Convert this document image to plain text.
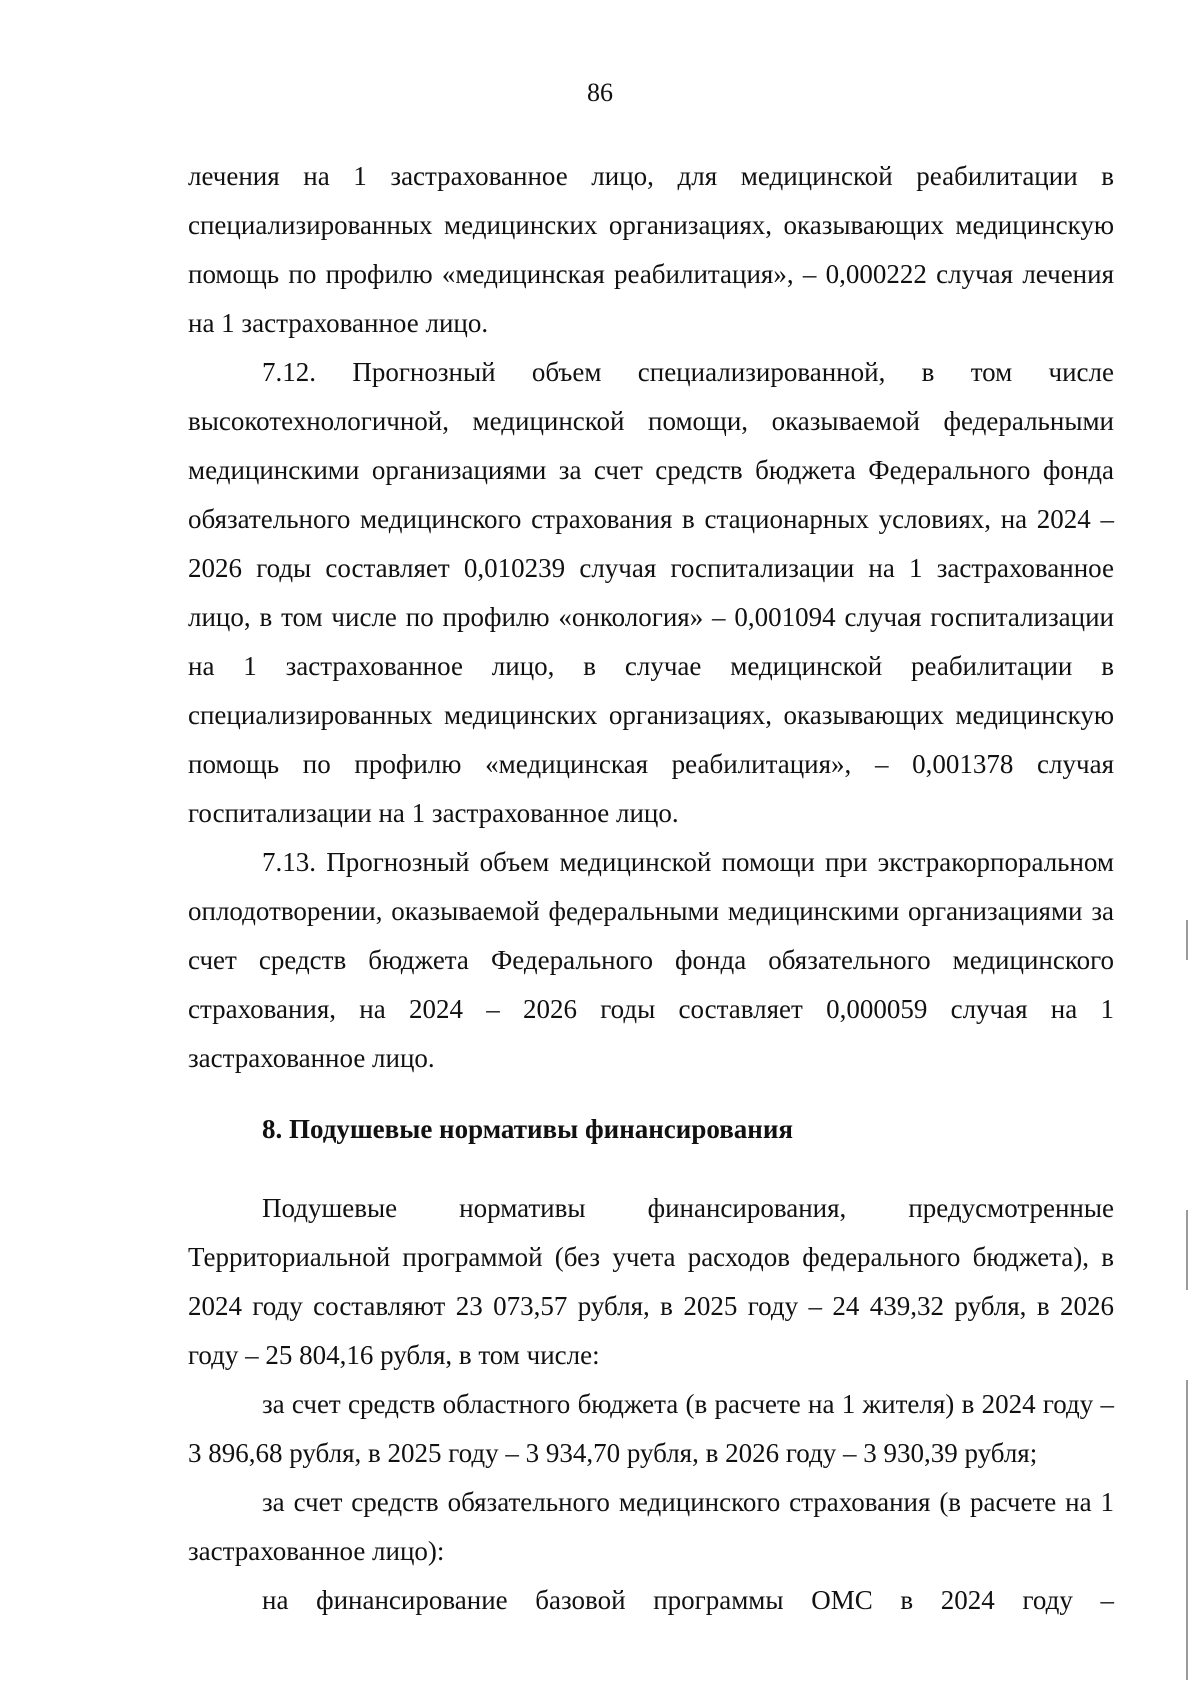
86

лечения на 1 застрахованное лицо, для медицинской реабилитации в специализированных медицинских организациях, оказывающих медицинскую помощь по профилю «медицинская реабилитация», – 0,000222 случая лечения на 1 застрахованное лицо.

7.12. Прогнозный объем специализированной, в том числе высокотехнологичной, медицинской помощи, оказываемой федеральными медицинскими организациями за счет средств бюджета Федерального фонда обязательного медицинского страхования в стационарных условиях, на 2024 – 2026 годы составляет 0,010239 случая госпитализации на 1 застрахованное лицо, в том числе по профилю «онкология» – 0,001094 случая госпитализации на 1 застрахованное лицо, в случае медицинской реабилитации в специализированных медицинских организациях, оказывающих медицинскую помощь по профилю «медицинская реабилитация», – 0,001378 случая госпитализации на 1 застрахованное лицо.

7.13. Прогнозный объем медицинской помощи при экстракорпоральном оплодотворении, оказываемой федеральными медицинскими организациями за счет средств бюджета Федерального фонда обязательного медицинского страхования, на 2024 – 2026 годы составляет 0,000059 случая на 1 застрахованное лицо.

8. Подушевые нормативы финансирования

Подушевые нормативы финансирования, предусмотренные Территориальной программой (без учета расходов федерального бюджета), в 2024 году составляют 23 073,57 рубля, в 2025 году – 24 439,32 рубля, в 2026 году – 25 804,16 рубля, в том числе:

за счет средств областного бюджета (в расчете на 1 жителя) в 2024 году – 3 896,68 рубля, в 2025 году – 3 934,70 рубля, в 2026 году – 3 930,39 рубля;

за счет средств обязательного медицинского страхования (в расчете на 1 застрахованное лицо):

на финансирование базовой программы ОМС в 2024 году –
